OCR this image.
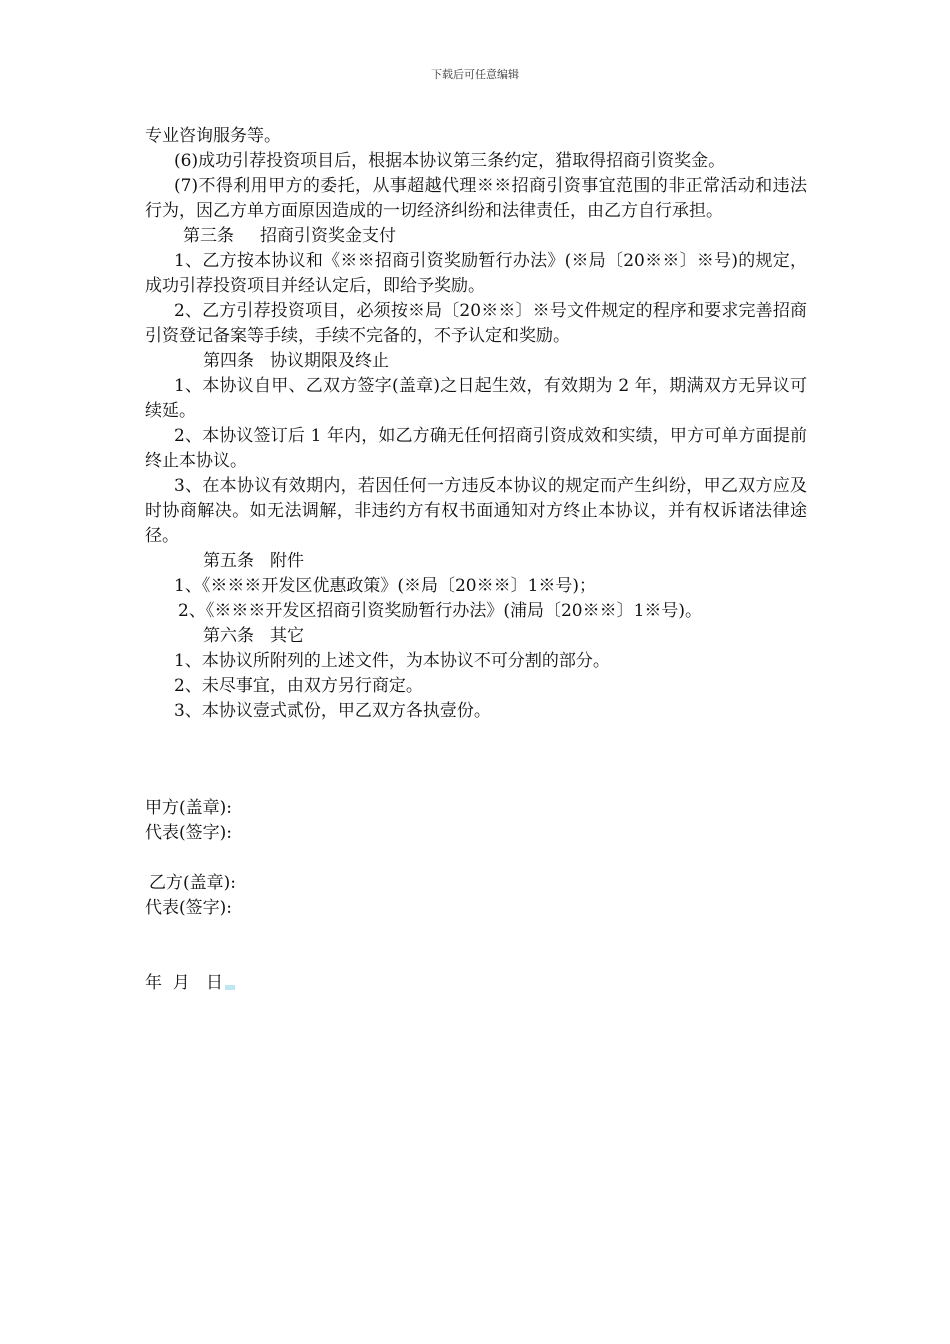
下载后可任意编辑

专业咨询服务等。

(6)成功引荐投资项目后，根据本协议第三条约定，猎取得招商引资奖金。

(7)不得利用甲方的委托，从事超越代理※※招商引资事宜范围的非正常活动和违法行为，因乙方单方面原因造成的一切经济纠纷和法律责任，由乙方自行承担。

第三条 招商引资奖金支付

1、乙方按本协议和《※※招商引资奖励暂行办法》(※局〔20※※〕※号)的规定，成功引荐投资项目并经认定后，即给予奖励。

2、乙方引荐投资项目，必须按※局〔20※※〕※号文件规定的程序和要求完善招商引资登记备案等手续，手续不完备的，不予认定和奖励。

第四条 协议期限及终止

1、本协议自甲、乙双方签字(盖章)之日起生效，有效期为 2 年，期满双方无异议可续延。

2、本协议签订后 1 年内，如乙方确无任何招商引资成效和实绩，甲方可单方面提前终止本协议。

3、在本协议有效期内，若因任何一方违反本协议的规定而产生纠纷，甲乙双方应及时协商解决。如无法调解，非违约方有权书面通知对方终止本协议，并有权诉诸法律途径。

第五条 附件

1、《※※※开发区优惠政策》(※局〔20※※〕1※号)；

2、《※※※开发区招商引资奖励暂行办法》(浦局〔20※※〕1※号)。

第六条 其它

1、本协议所附列的上述文件，为本协议不可分割的部分。

2、未尽事宜，由双方另行商定。

3、本协议壹式贰份，甲乙双方各执壹份。

甲方(盖章):
代表(签字):
乙方(盖章):
代表(签字):
年  月   日
